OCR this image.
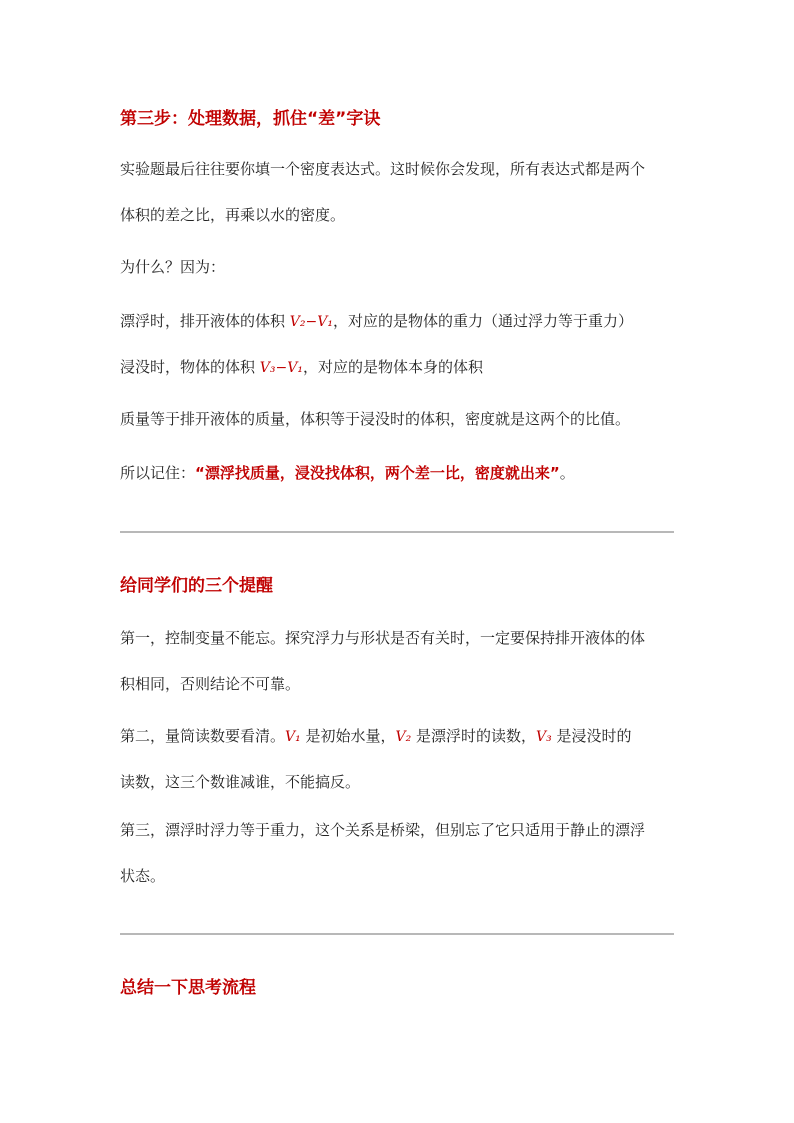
第三步：处理数据，抓住“差”字诀
实验题最后往往要你填一个密度表达式。这时候你会发现，所有表达式都是两个
体积的差之比，再乘以水的密度。
为什么？因为：
漂浮时，排开液体的体积 V₂−V₁，对应的是物体的重力（通过浮力等于重力）
浸没时，物体的体积 V₃−V₁，对应的是物体本身的体积
质量等于排开液体的质量，体积等于浸没时的体积，密度就是这两个的比值。
所以记住：“漂浮找质量，浸没找体积，两个差一比，密度就出来”。
给同学们的三个提醒
第一，控制变量不能忘。探究浮力与形状是否有关时，一定要保持排开液体的体
积相同，否则结论不可靠。
第二，量筒读数要看清。V₁ 是初始水量，V₂ 是漂浮时的读数，V₃ 是浸没时的
读数，这三个数谁减谁，不能搞反。
第三，漂浮时浮力等于重力，这个关系是桥梁，但别忘了它只适用于静止的漂浮
状态。
总结一下思考流程
